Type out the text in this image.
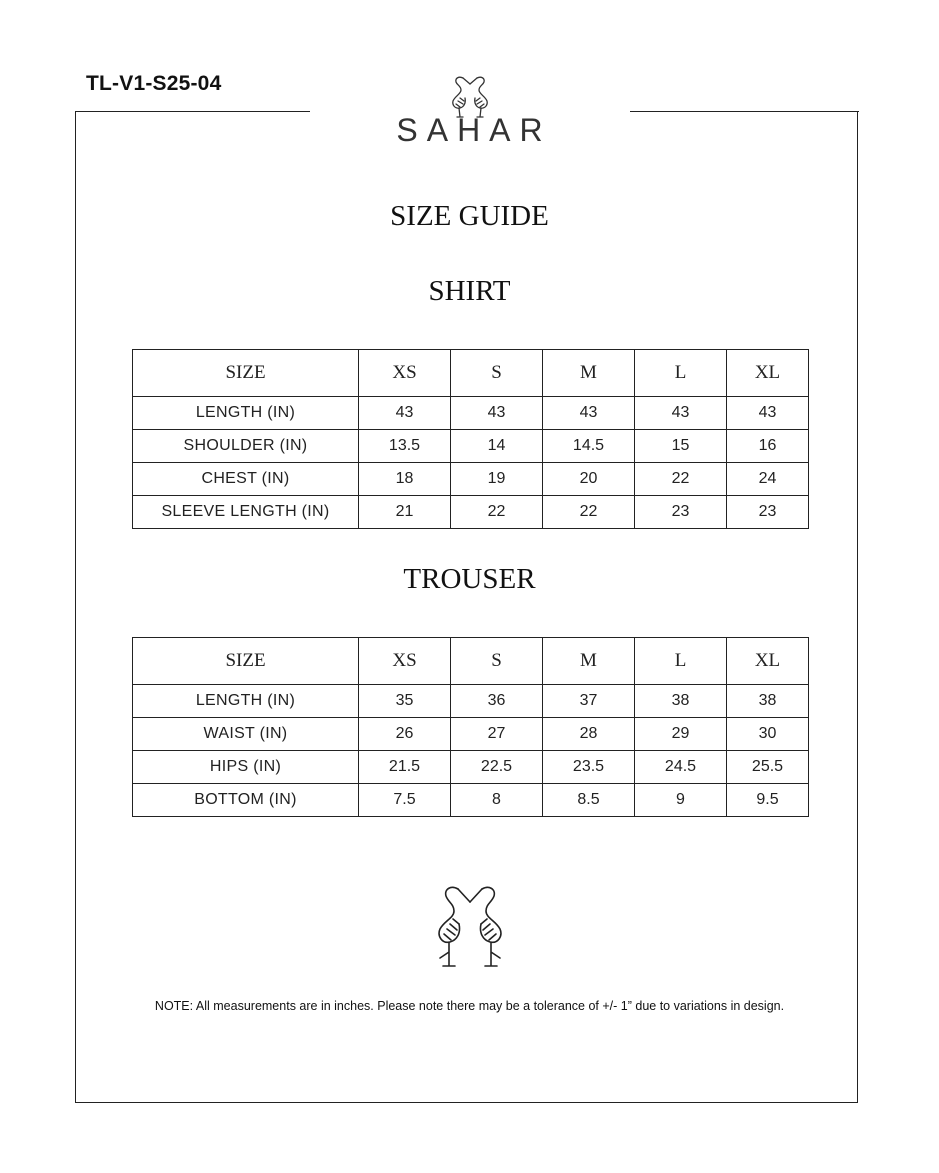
TL-V1-S25-04
SAHAR
SIZE GUIDE
SHIRT
SIZE	XS	S	M	L	XL
LENGTH (IN)	43	43	43	43	43
SHOULDER (IN)	13.5	14	14.5	15	16
CHEST (IN)	18	19	20	22	24
SLEEVE LENGTH (IN)	21	22	22	23	23
TROUSER
SIZE	XS	S	M	L	XL
LENGTH (IN)	35	36	37	38	38
WAIST (IN)	26	27	28	29	30
HIPS (IN)	21.5	22.5	23.5	24.5	25.5
BOTTOM (IN)	7.5	8	8.5	9	9.5
NOTE: All measurements are in inches. Please note there may be a tolerance of +/- 1” due to variations in design.
